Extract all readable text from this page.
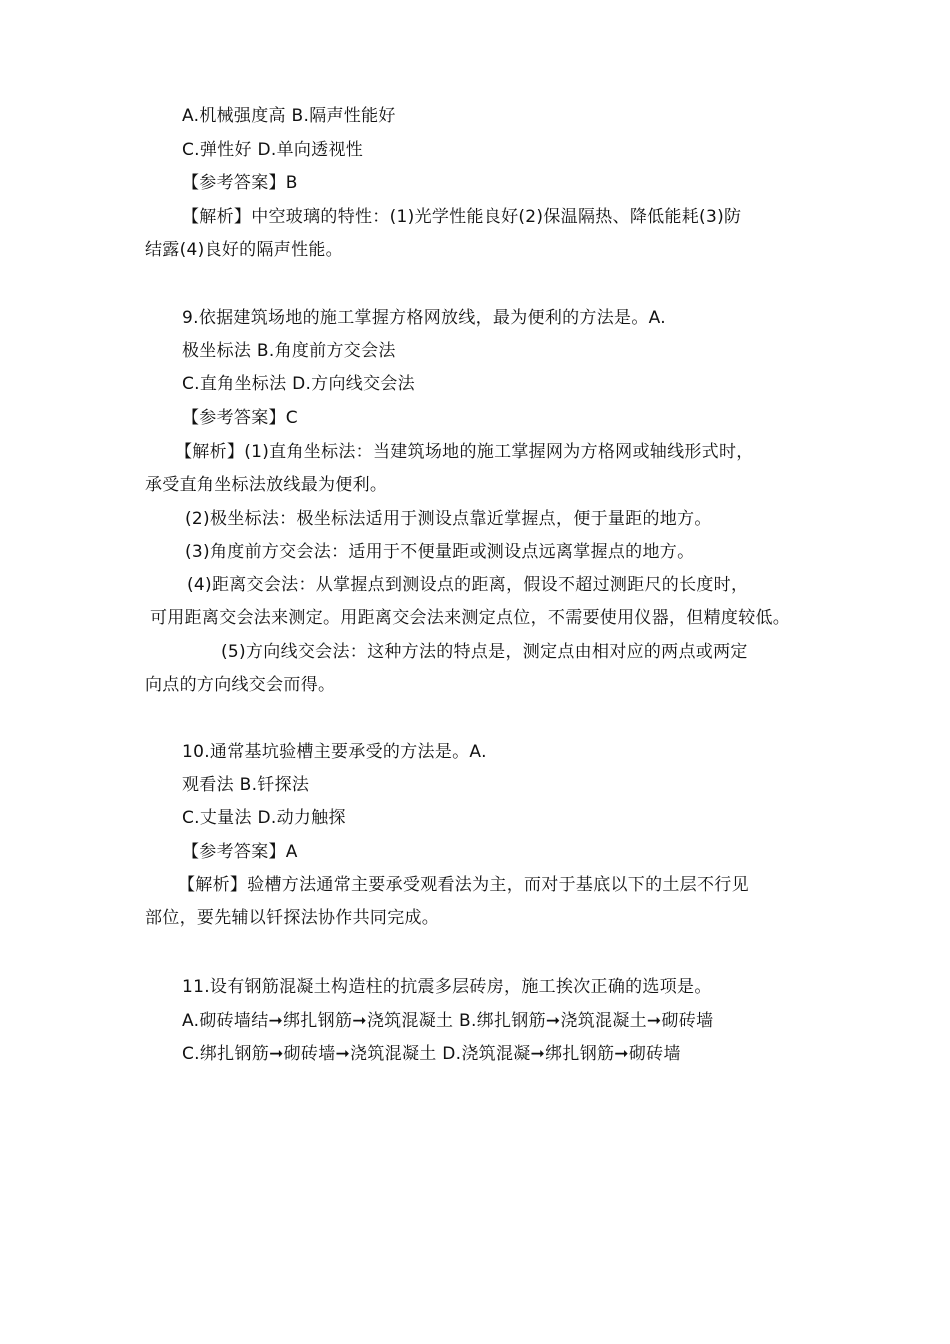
A.机械强度高 B.隔声性能好
C.弹性好 D.单向透视性
【参考答案】B
【解析】中空玻璃的特性：(1)光学性能良好(2)保温隔热、降低能耗(3)防
结露(4)良好的隔声性能。
9.依据建筑场地的施工掌握方格网放线，最为便利的方法是。A.
极坐标法 B.角度前方交会法
C.直角坐标法 D.方向线交会法
【参考答案】C
【解析】(1)直角坐标法：当建筑场地的施工掌握网为方格网或轴线形式时，
承受直角坐标法放线最为便利。
(2)极坐标法：极坐标法适用于测设点靠近掌握点，便于量距的地方。
(3)角度前方交会法：适用于不便量距或测设点远离掌握点的地方。
(4)距离交会法：从掌握点到测设点的距离，假设不超过测距尺的长度时，
可用距离交会法来测定。用距离交会法来测定点位，不需要使用仪器，但精度较低。
(5)方向线交会法：这种方法的特点是，测定点由相对应的两点或两定
向点的方向线交会而得。
10.通常基坑验槽主要承受的方法是。A.
观看法 B.钎探法
C.丈量法 D.动力触探
【参考答案】A
【解析】验槽方法通常主要承受观看法为主，而对于基底以下的土层不行见
部位，要先辅以钎探法协作共同完成。
11.设有钢筋混凝土构造柱的抗震多层砖房，施工挨次正确的选项是。
A.砌砖墙结➞绑扎钢筋➞浇筑混凝土 B.绑扎钢筋➞浇筑混凝土➞砌砖墙
C.绑扎钢筋➞砌砖墙➞浇筑混凝土 D.浇筑混凝➞绑扎钢筋➞砌砖墙
